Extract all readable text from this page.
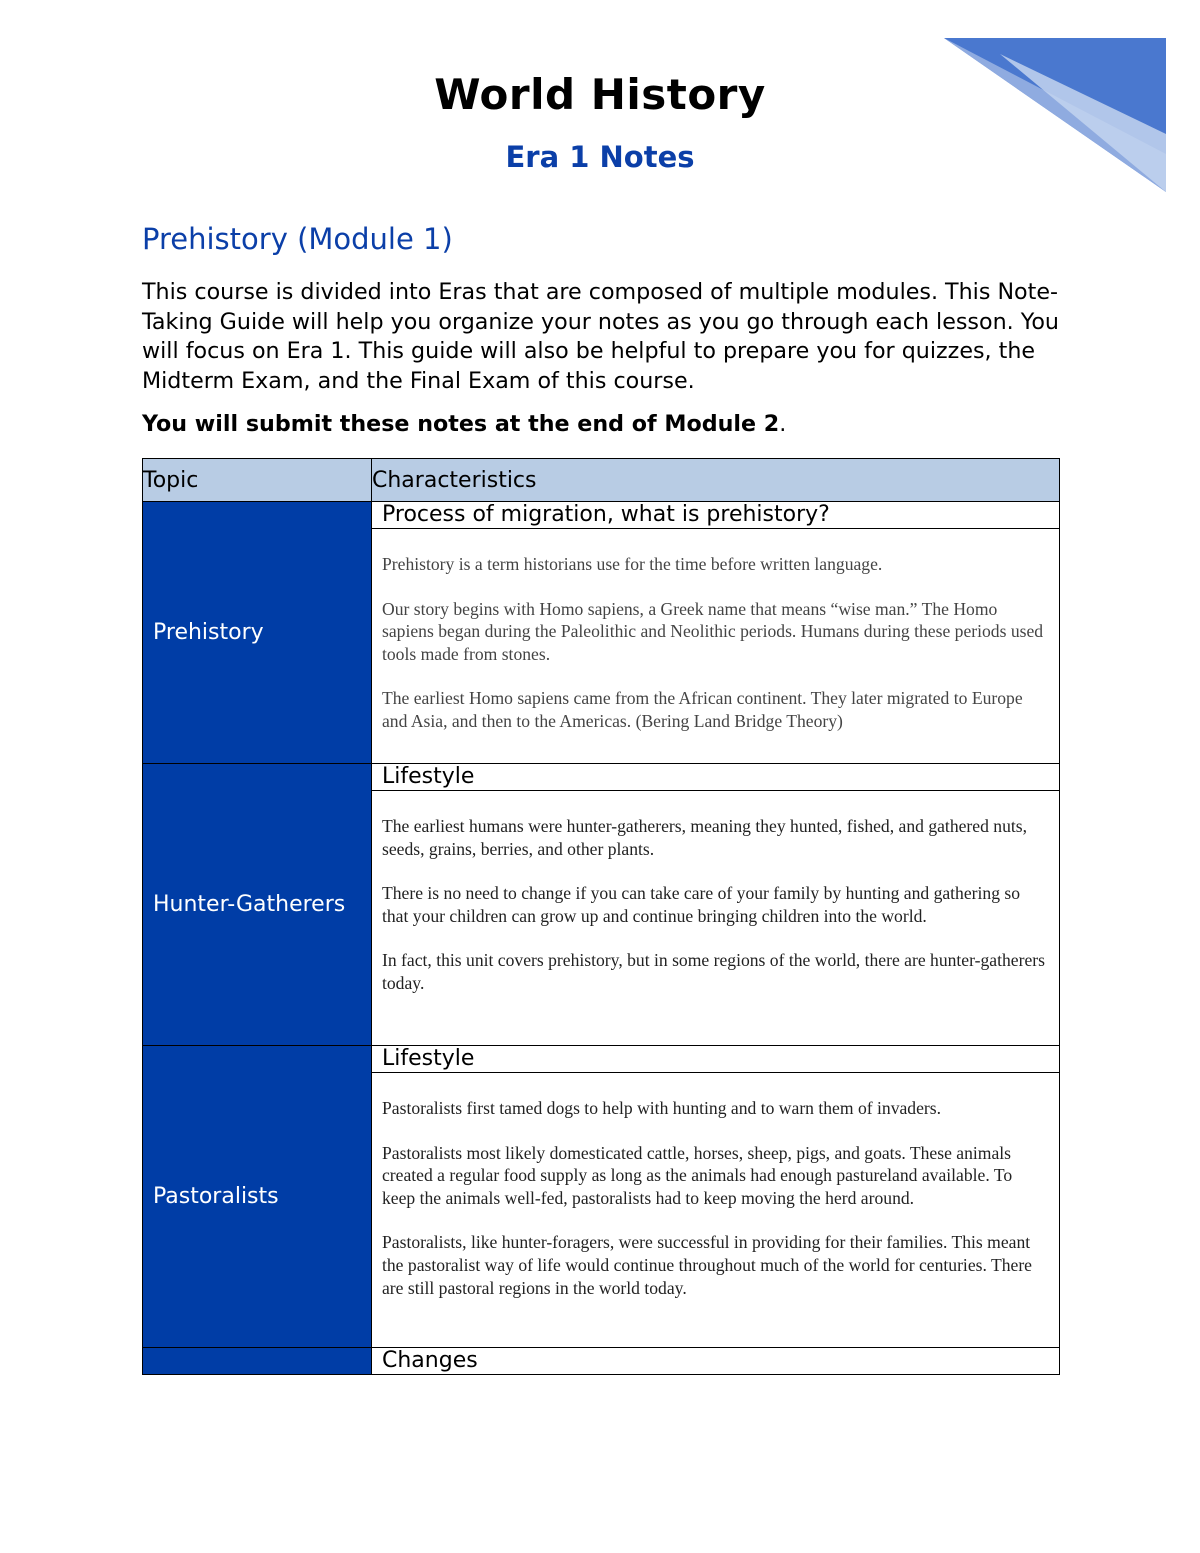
World History
Era 1 Notes
Prehistory (Module 1)

This course is divided into Eras that are composed of multiple modules. This Note-Taking Guide will help you organize your notes as you go through each lesson. You will focus on Era 1. This guide will also be helpful to prepare you for quizzes, the Midterm Exam, and the Final Exam of this course.

You will submit these notes at the end of Module 2.

Topic	Characteristics
Prehistory	Process of migration, what is prehistory?

	Prehistory is a term historians use for the time before written language.

Our story begins with Homo sapiens, a Greek name that means “wise man.” The Homo sapiens began during the Paleolithic and Neolithic periods. Humans during these periods used tools made from stones.

The earliest Homo sapiens came from the African continent. They later migrated to Europe and Asia, and then to the Americas. (Bering Land Bridge Theory)

Hunter-Gatherers	Lifestyle

	The earliest humans were hunter-gatherers, meaning they hunted, fished, and gathered nuts, seeds, grains, berries, and other plants.

There is no need to change if you can take care of your family by hunting and gathering so that your children can grow up and continue bringing children into the world.

In fact, this unit covers prehistory, but in some regions of the world, there are hunter-gatherers today.

Pastoralists	Lifestyle

	Pastoralists first tamed dogs to help with hunting and to warn them of invaders.

Pastoralists most likely domesticated cattle, horses, sheep, pigs, and goats. These animals created a regular food supply as long as the animals had enough pastureland available. To keep the animals well-fed, pastoralists had to keep moving the herd around.

Pastoralists, like hunter-foragers, were successful in providing for their families. This meant the pastoralist way of life would continue throughout much of the world for centuries. There are still pastoral regions in the world today.

	Changes
